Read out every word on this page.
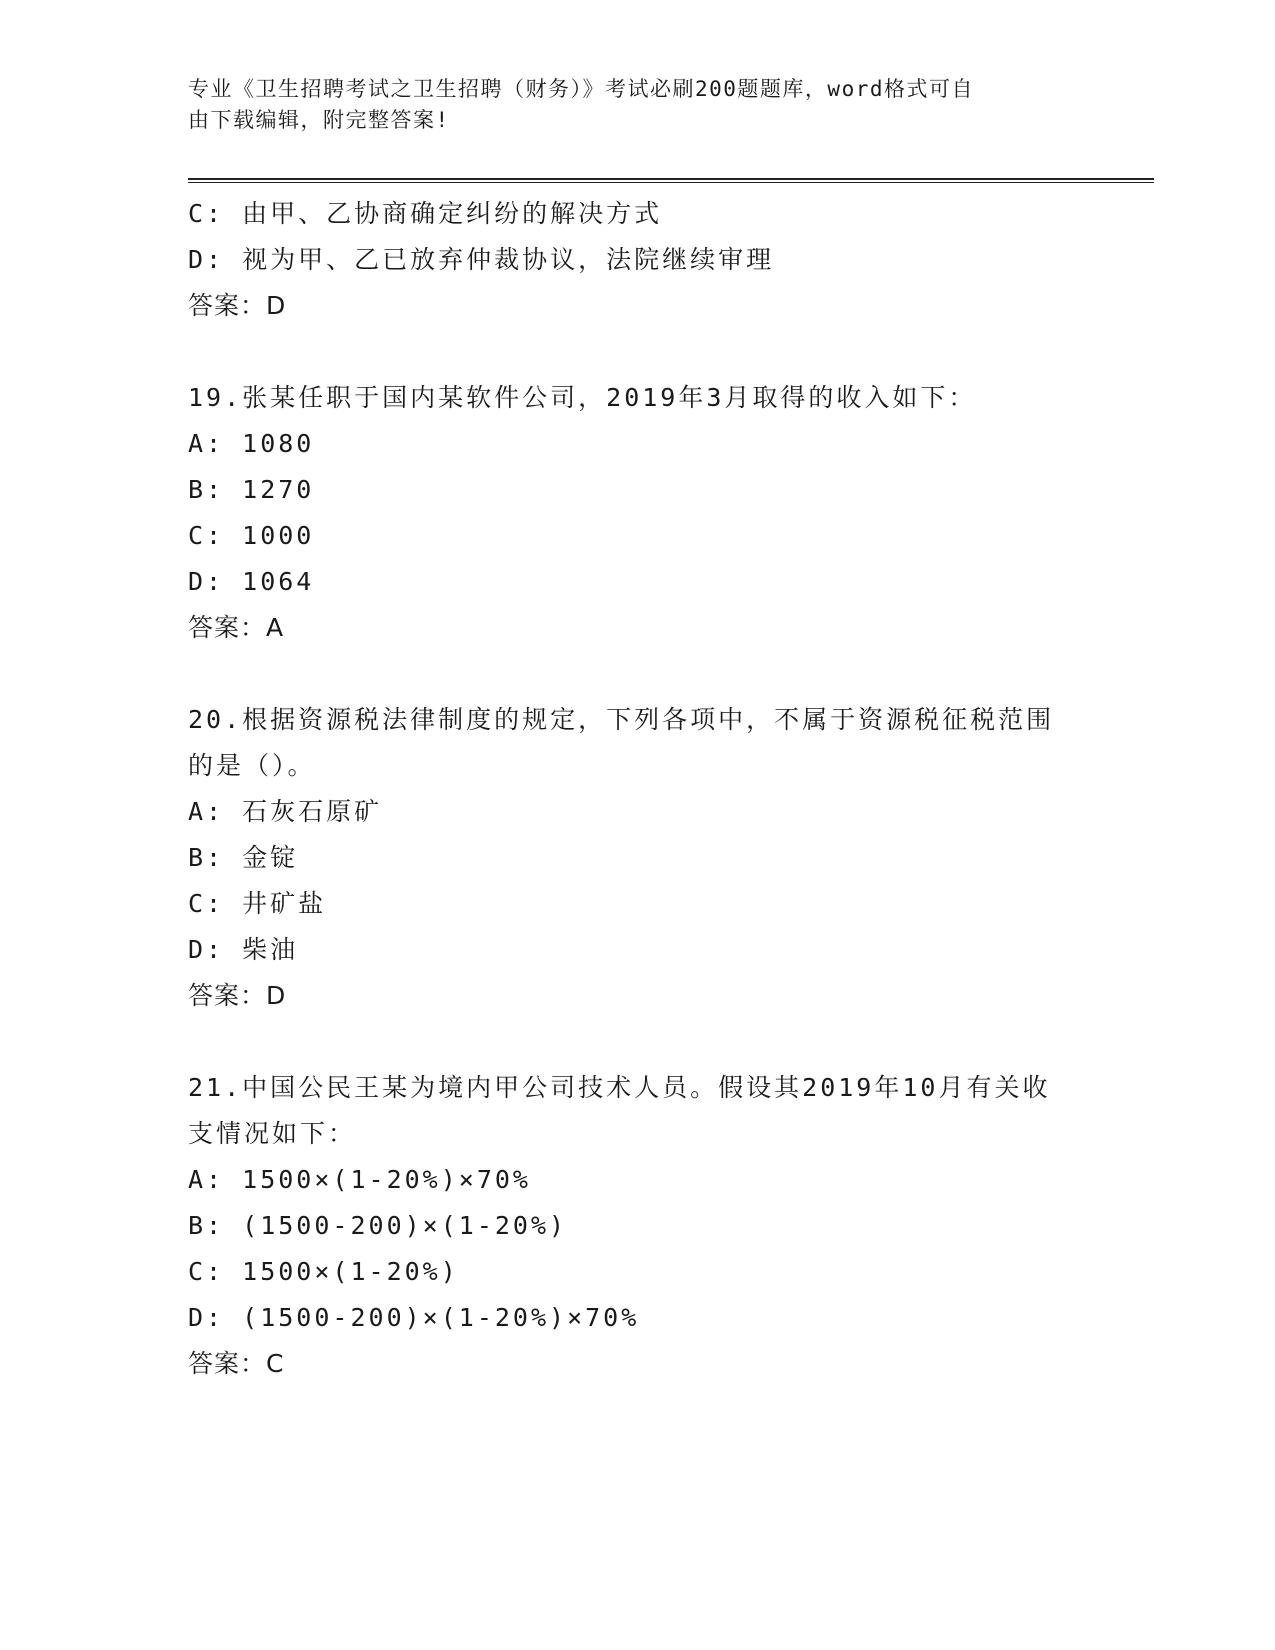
专业《卫生招聘考试之卫生招聘（财务）》考试必刷200题题库，word格式可自
由下载编辑，附完整答案!
C: 由甲、乙协商确定纠纷的解决方式
D: 视为甲、乙已放弃仲裁协议，法院继续审理
答案：D
19.张某任职于国内某软件公司，2019年3月取得的收入如下：
A: 1080
B: 1270
C: 1000
D: 1064
答案：A
20.根据资源税法律制度的规定，下列各项中，不属于资源税征税范围
的是（）。
A: 石灰石原矿
B: 金锭
C: 井矿盐
D: 柴油
答案：D
21.中国公民王某为境内甲公司技术人员。假设其2019年10月有关收
支情况如下：
A: 1500×(1-20%)×70%
B: (1500-200)×(1-20%)
C: 1500×(1-20%)
D: (1500-200)×(1-20%)×70%
答案：C
